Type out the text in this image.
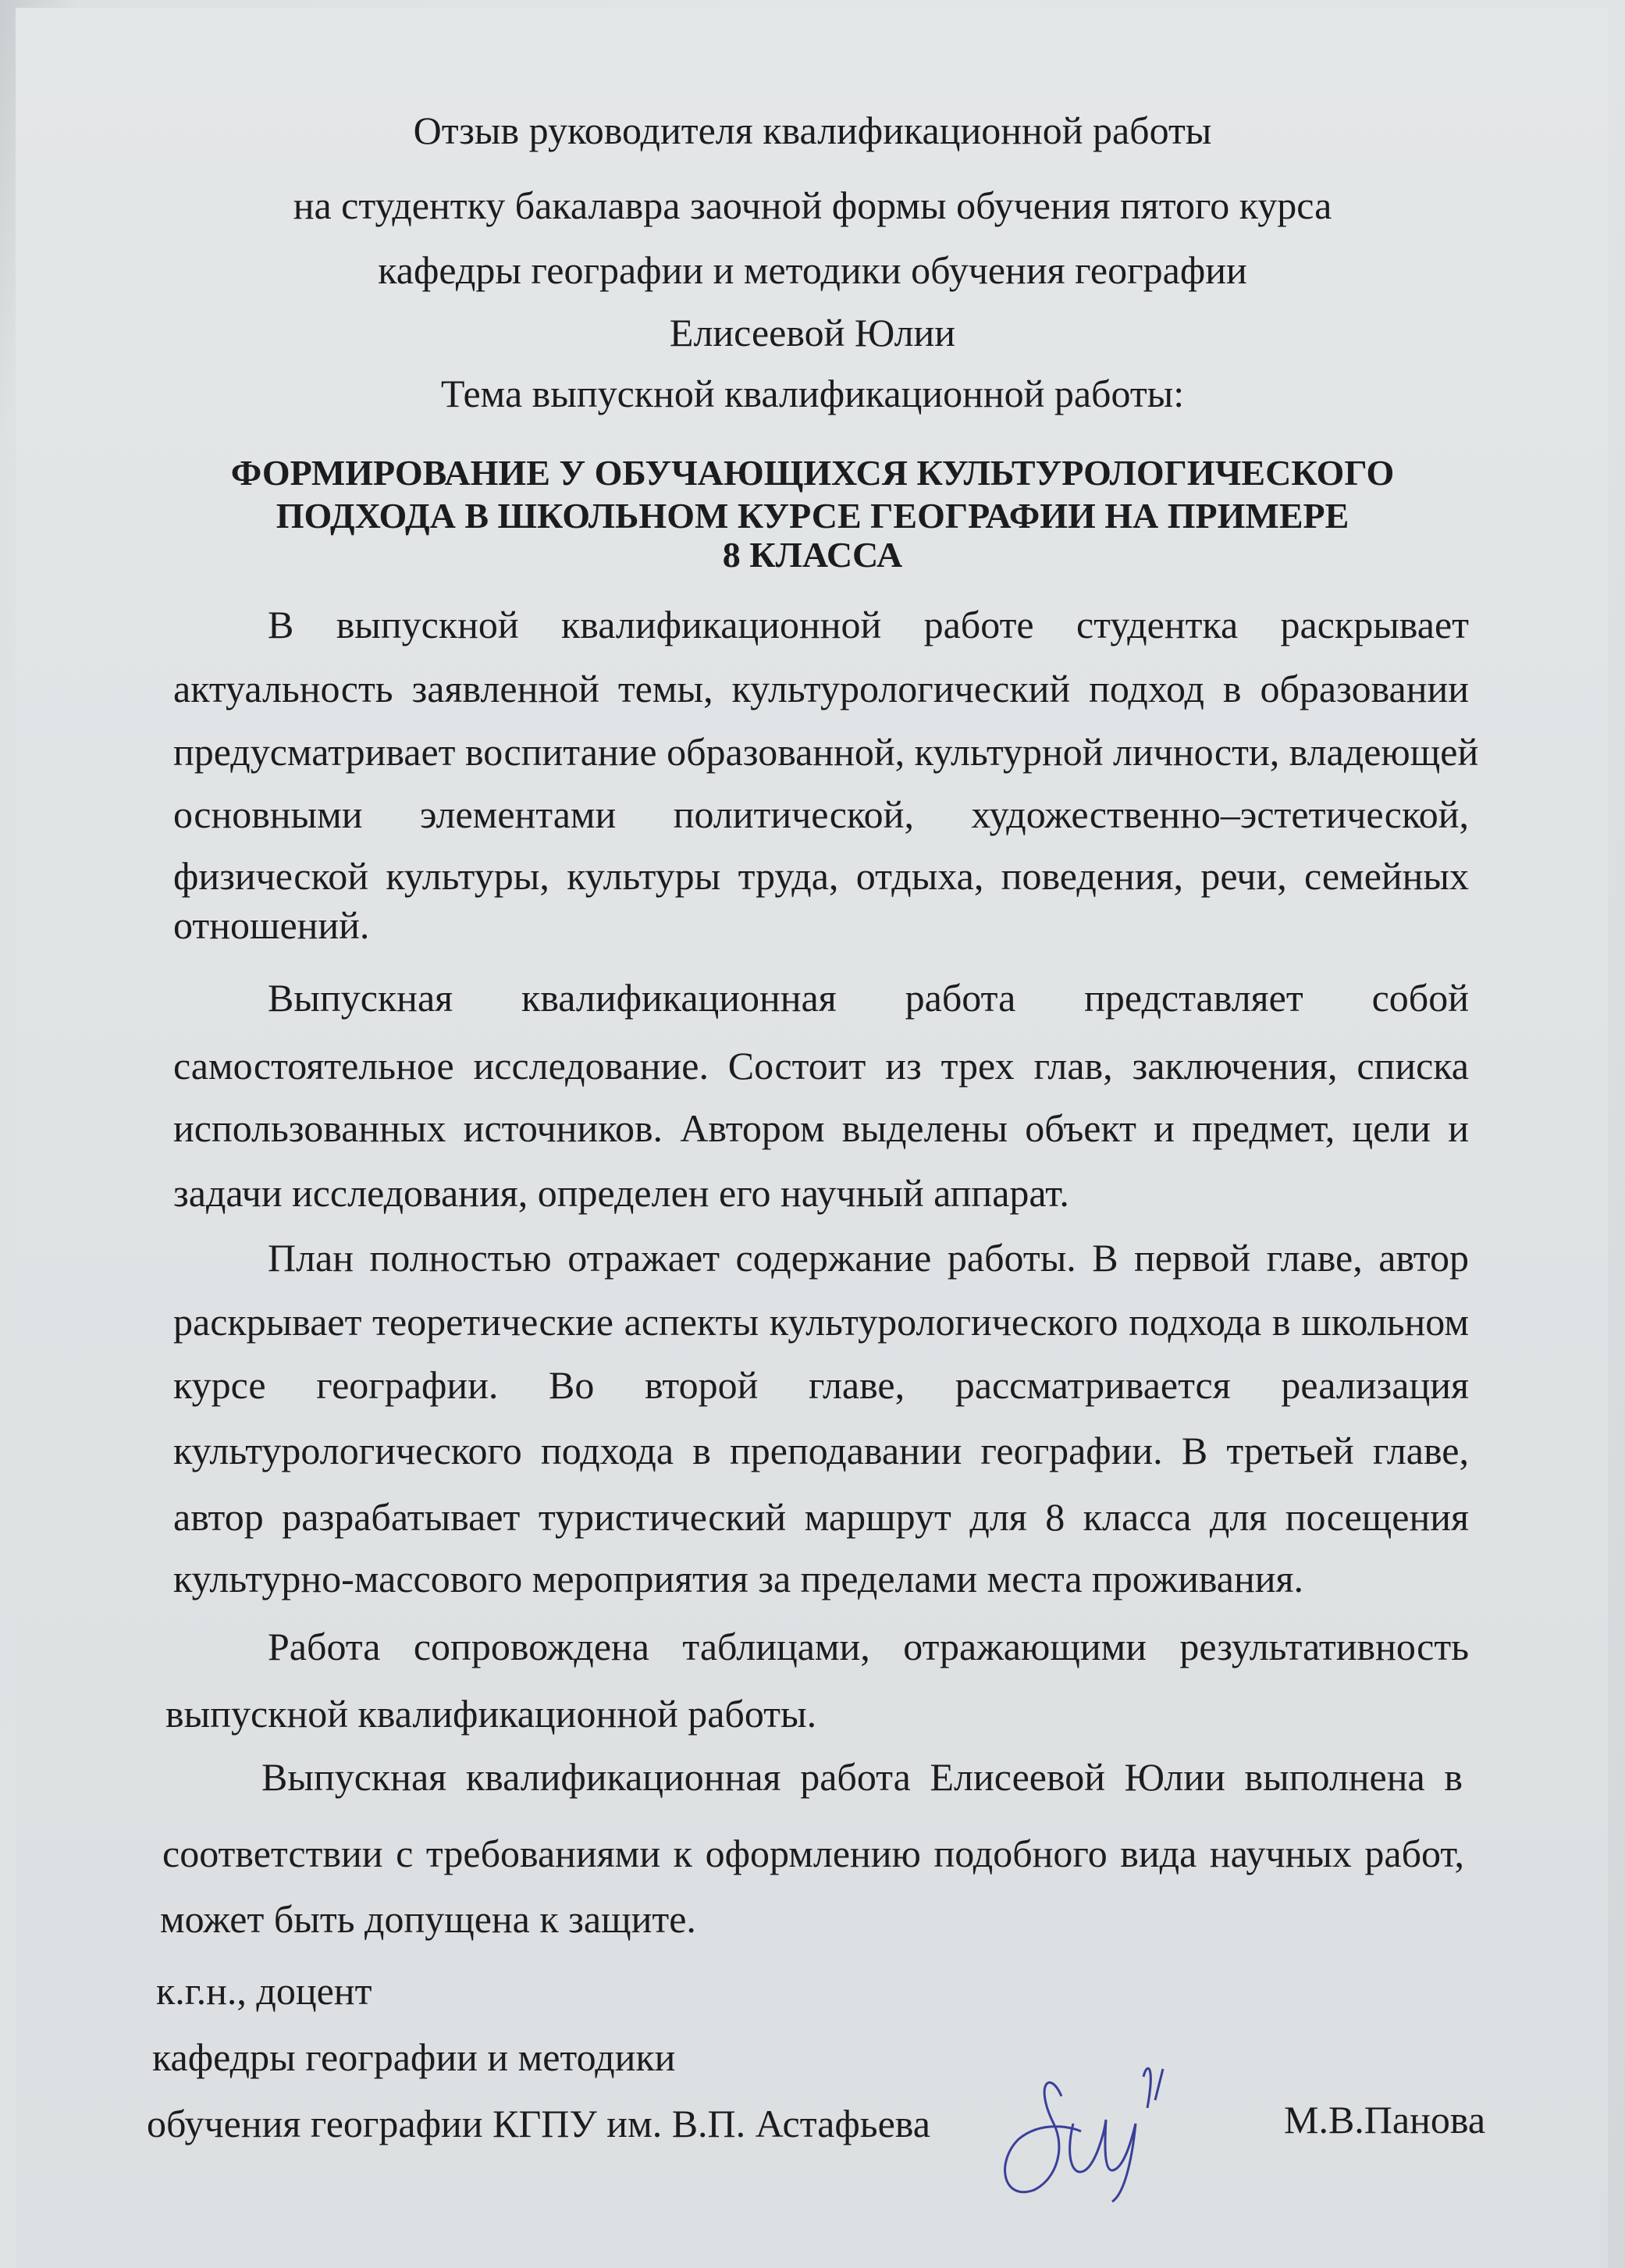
Отзыв руководителя квалификационной работы
на студентку бакалавра заочной формы обучения пятого курса
кафедры географии и методики обучения географии
Елисеевой Юлии
Тема выпускной квалификационной работы:
ФОРМИРОВАНИЕ У ОБУЧАЮЩИХСЯ КУЛЬТУРОЛОГИЧЕСКОГО
ПОДХОДА В ШКОЛЬНОМ КУРСЕ ГЕОГРАФИИ НА ПРИМЕРЕ
8 КЛАССА
В выпускной квалификационной работе студентка раскрывает
актуальность заявленной темы, культурологический подход в образовании
предусматривает воспитание образованной, культурной личности, владеющей
основными элементами политической, художественно–эстетической,
физической культуры, культуры труда, отдыха, поведения, речи, семейных
отношений.
Выпускная квалификационная работа представляет собой
самостоятельное исследование. Состоит из трех глав, заключения, списка
использованных источников. Автором выделены объект и предмет, цели и
задачи исследования, определен его научный аппарат.
План полностью отражает содержание работы. В первой главе, автор
раскрывает теоретические аспекты культурологического подхода в школьном
курсе географии. Во второй главе, рассматривается реализация
культурологического подхода в преподавании географии. В третьей главе,
автор разрабатывает туристический маршрут для 8 класса для посещения
культурно-массового мероприятия за пределами места проживания.
Работа сопровождена таблицами, отражающими результативность
выпускной квалификационной работы.
Выпускная квалификационная работа Елисеевой Юлии выполнена в
соответствии с требованиями к оформлению подобного вида научных работ,
может быть допущена к защите.
к.г.н., доцент
кафедры географии и методики
обучения географии КГПУ им. В.П. Астафьева	М.В.Панова
